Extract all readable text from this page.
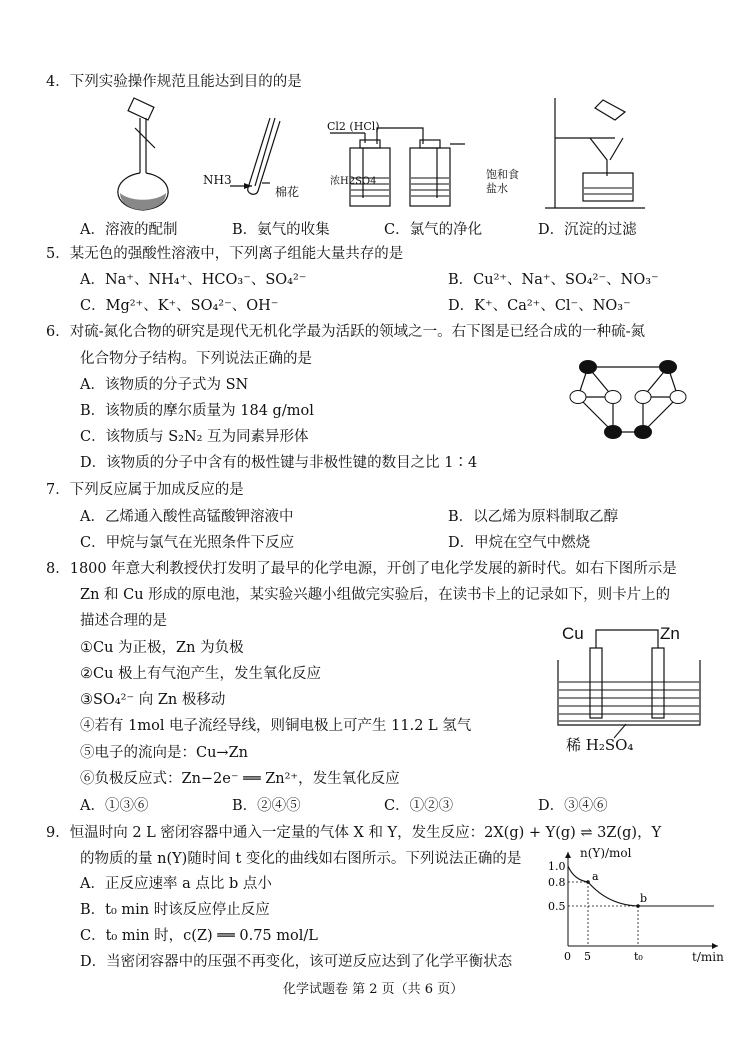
4．下列实验操作规范且能达到目的的是
NH3
棉花
Cl2 (HCl)
浓H2SO4
饱和食
盐水
A．溶液的配制	B．氨气的收集	C．氯气的净化	D．沉淀的过滤
5．某无色的强酸性溶液中，下列离子组能大量共存的是
A．Na⁺、NH₄⁺、HCO₃⁻、SO₄²⁻	B．Cu²⁺、Na⁺、SO₄²⁻、NO₃⁻
C．Mg²⁺、K⁺、SO₄²⁻、OH⁻	D．K⁺、Ca²⁺、Cl⁻、NO₃⁻
6．对硫-氮化合物的研究是现代无机化学最为活跃的领域之一。右下图是已经合成的一种硫-氮
化合物分子结构。下列说法正确的是
A．该物质的分子式为 SN
B．该物质的摩尔质量为 184 g/mol
C．该物质与 S₂N₂ 互为同素异形体
D．该物质的分子中含有的极性键与非极性键的数目之比 1∶4
7．下列反应属于加成反应的是
A．乙烯通入酸性高锰酸钾溶液中	B．以乙烯为原料制取乙醇
C．甲烷与氯气在光照条件下反应	D．甲烷在空气中燃烧
8．1800 年意大利教授伏打发明了最早的化学电源，开创了电化学发展的新时代。如右下图所示是
Zn 和 Cu 形成的原电池，某实验兴趣小组做完实验后，在读书卡上的记录如下，则卡片上的
描述合理的是
①Cu 为正极，Zn 为负极
②Cu 极上有气泡产生，发生氧化反应
③SO₄²⁻ 向 Zn 极移动
④若有 1mol 电子流经导线，则铜电极上可产生 11.2 L 氢气
⑤电子的流向是：Cu→Zn
⑥负极反应式：Zn−2e⁻ ══ Zn²⁺，发生氧化反应
A．①③⑥	B．②④⑤	C．①②③	D．③④⑥
Cu	Zn
稀 H₂SO₄
9．恒温时向 2 L 密闭容器中通入一定量的气体 X 和 Y，发生反应：2X(g) + Y(g) ⇌ 3Z(g)，Y
的物质的量 n(Y)随时间 t 变化的曲线如右图所示。下列说法正确的是
A．正反应速率 a 点比 b 点小
B．t₀ min 时该反应停止反应
C．t₀ min 时，c(Z) ══ 0.75 mol/L
D．当密闭容器中的压强不再变化，该可逆反应达到了化学平衡状态
1.0
0.8
0.5
0 5	t₀
a
b
n(Y)/mol
t/min
化学试题卷 第 2 页（共 6 页）
